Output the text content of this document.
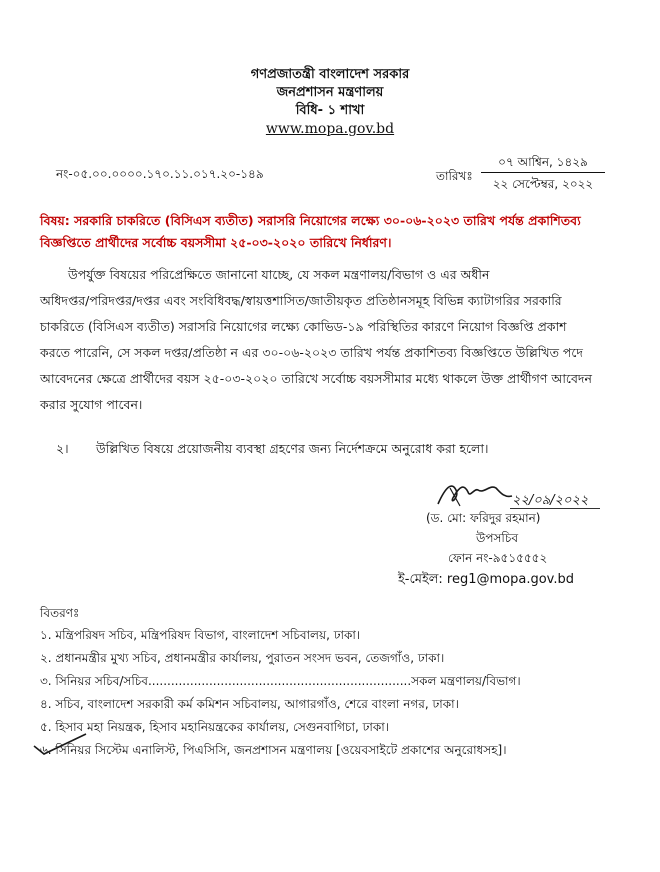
গণপ্রজাতন্ত্রী বাংলাদেশ সরকার
জনপ্রশাসন মন্ত্রণালয়
বিধি- ১ শাখা
www.mopa.gov.bd
নং-০৫.০০.০০০০.১৭০.১১.০১৭.২০-১৪৯	তারিখঃ
০৭ আশ্বিন, ১৪২৯
২২ সেপ্টেম্বর, ২০২২
বিষয়: সরকারি চাকরিতে (বিসিএস ব্যতীত) সরাসরি নিয়োগের লক্ষ্যে ৩০-০৬-২০২৩ তারিখ পর্যন্ত প্রকাশিতব্য
বিজ্ঞপ্তিতে প্রার্থীদের সর্বোচ্চ বয়সসীমা ২৫-০৩-২০২০ তারিখে নির্ধারণ।
উপর্যুক্ত বিষয়ের পরিপ্রেক্ষিতে জানানো যাচ্ছে, যে সকল মন্ত্রণালয়/বিভাগ ও এর অধীন
অধিদপ্তর/পরিদপ্তর/দপ্তর এবং সংবিধিবদ্ধ/স্বায়ত্তশাসিত/জাতীয়কৃত প্রতিষ্ঠানসমূহ বিভিন্ন ক্যাটাগরির সরকারি
চাকরিতে (বিসিএস ব্যতীত) সরাসরি নিয়োগের লক্ষ্যে কোভিড-১৯ পরিস্থিতির কারণে নিয়োগ বিজ্ঞপ্তি প্রকাশ
করতে পারেনি, সে সকল দপ্তর/প্রতিষ্ঠা ন এর ৩০-০৬-২০২৩ তারিখ পর্যন্ত প্রকাশিতব্য বিজ্ঞপ্তিতে উল্লিখিত পদে
আবেদনের ক্ষেত্রে প্রার্থীদের বয়স ২৫-০৩-২০২০ তারিখে সর্বোচ্চ বয়সসীমার মধ্যে থাকলে উক্ত প্রার্থীগণ আবেদন
করার সুযোগ পাবেন।
২। উল্লিখিত বিষয়ে প্রয়োজনীয় ব্যবস্থা গ্রহণের জন্য নির্দেশক্রমে অনুরোধ করা হলো।
২২/০৯/২০২২
(ড. মো: ফরিদুর রহমান)
উপসচিব
ফোন নং-৯৫১৫৫৫২
ই-মেইল: reg1@mopa.gov.bd
বিতরণঃ
১. মন্ত্রিপরিষদ সচিব, মন্ত্রিপরিষদ বিভাগ, বাংলাদেশ সচিবালয়, ঢাকা।
২. প্রধানমন্ত্রীর মুখ্য সচিব, প্রধানমন্ত্রীর কার্যালয়, পুরাতন সংসদ ভবন, তেজগাঁও, ঢাকা।
৩. সিনিয়র সচিব/সচিব.....................................................................সকল মন্ত্রণালয়/বিভাগ।
৪. সচিব, বাংলাদেশ সরকারী কর্ম কমিশন সচিবালয়, আগারগাঁও, শেরে বাংলা নগর, ঢাকা।
৫. হিসাব মহা নিয়ন্ত্রক, হিসাব মহানিয়ন্ত্রকের কার্যালয়, সেগুনবাগিচা, ঢাকা।
৬. সিনিয়র সিস্টেম এনালিস্ট, পিএসিসি, জনপ্রশাসন মন্ত্রণালয় [ওয়েবসাইটে প্রকাশের অনুরোধসহ]।
